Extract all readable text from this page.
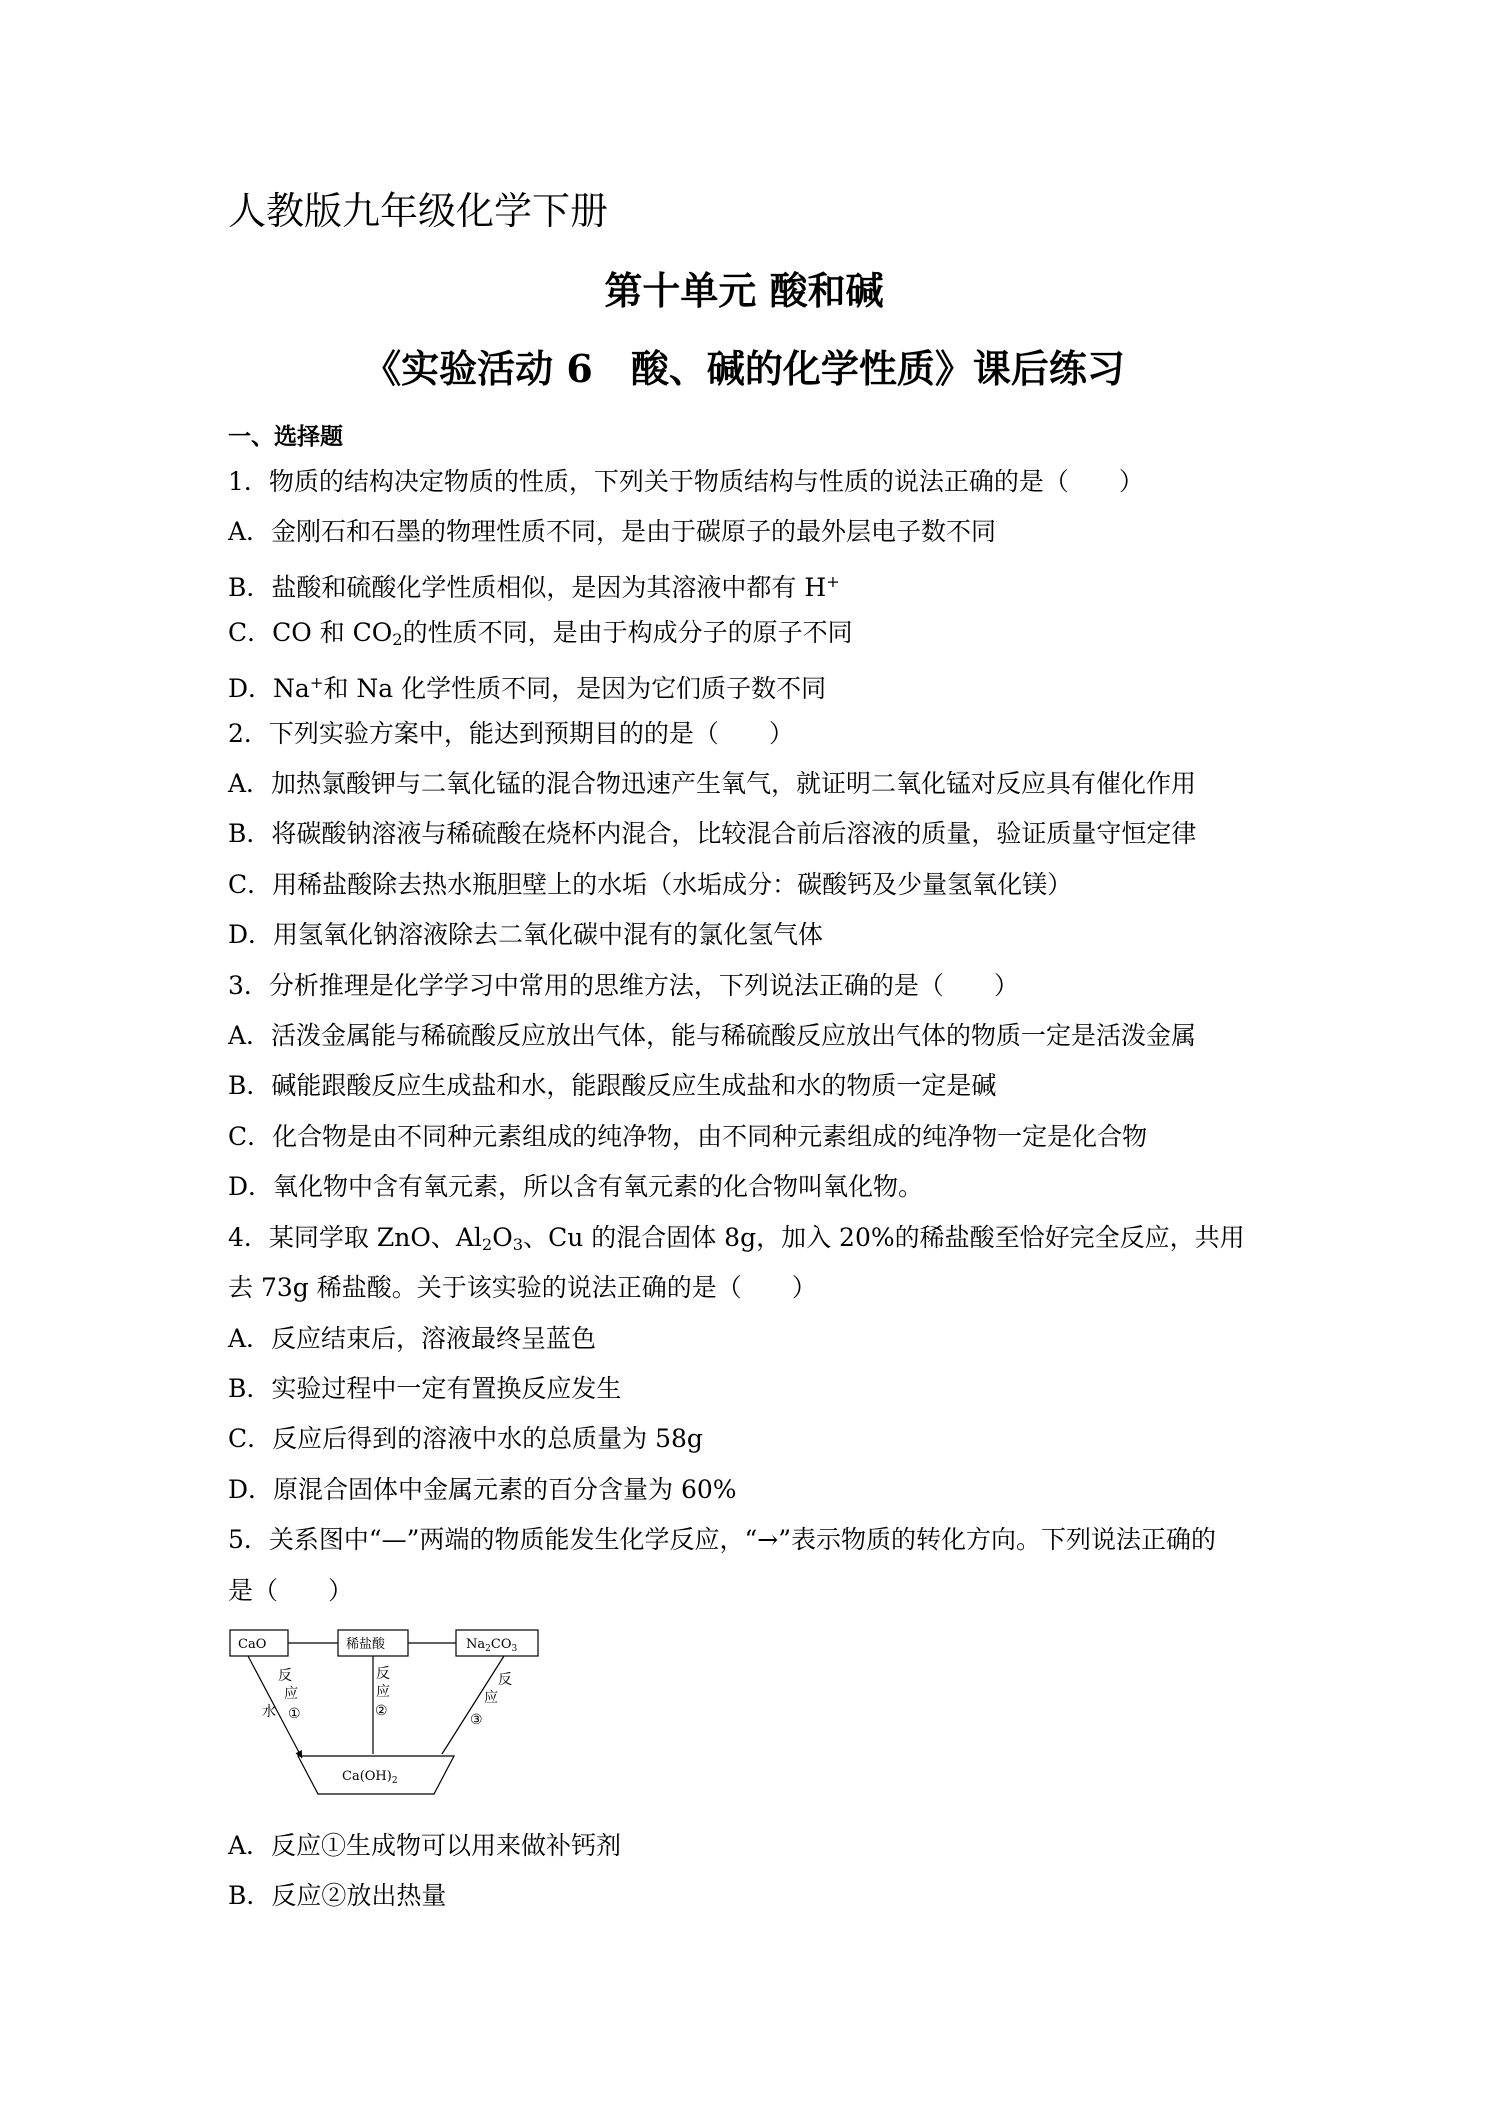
人教版九年级化学下册
第十单元 酸和碱
《实验活动 6　酸、碱的化学性质》课后练习
一、选择题
1．物质的结构决定物质的性质，下列关于物质结构与性质的说法正确的是（　　）
A．金刚石和石墨的物理性质不同，是由于碳原子的最外层电子数不同
B．盐酸和硫酸化学性质相似，是因为其溶液中都有 H+
C．CO 和 $CO_2$的性质不同，是由于构成分子的原子不同
D．Na+和 Na 化学性质不同，是因为它们质子数不同
2．下列实验方案中，能达到预期目的的是（　　）
A．加热氯酸钾与二氧化锰的混合物迅速产生氧气，就证明二氧化锰对反应具有催化作用
B．将碳酸钠溶液与稀硫酸在烧杯内混合，比较混合前后溶液的质量，验证质量守恒定律
C．用稀盐酸除去热水瓶胆壁上的水垢（水垢成分：碳酸钙及少量氢氧化镁）
D．用氢氧化钠溶液除去二氧化碳中混有的氯化氢气体
3．分析推理是化学学习中常用的思维方法，下列说法正确的是（　　）
A．活泼金属能与稀硫酸反应放出气体，能与稀硫酸反应放出气体的物质一定是活泼金属
B．碱能跟酸反应生成盐和水，能跟酸反应生成盐和水的物质一定是碱
C．化合物是由不同种元素组成的纯净物，由不同种元素组成的纯净物一定是化合物
D．氧化物中含有氧元素，所以含有氧元素的化合物叫氧化物。
4．某同学取 ZnO、$Al_2O_3$、Cu 的混合固体 8g，加入 20%的稀盐酸至恰好完全反应，共用
去 73g 稀盐酸。关于该实验的说法正确的是（　　）
A．反应结束后，溶液最终呈蓝色
B．实验过程中一定有置换反应发生
C．反应后得到的溶液中水的总质量为 58g
D．原混合固体中金属元素的百分含量为 60%
5．关系图中“—”两端的物质能发生化学反应，“→”表示物质的转化方向。下列说法正确的
是（　　）
CaO	稀盐酸	$Na_2CO_3$
$Ca(OH)_2$
反
应
水 ①
反
应
②
反
应
③
A．反应①生成物可以用来做补钙剂
B．反应②放出热量
